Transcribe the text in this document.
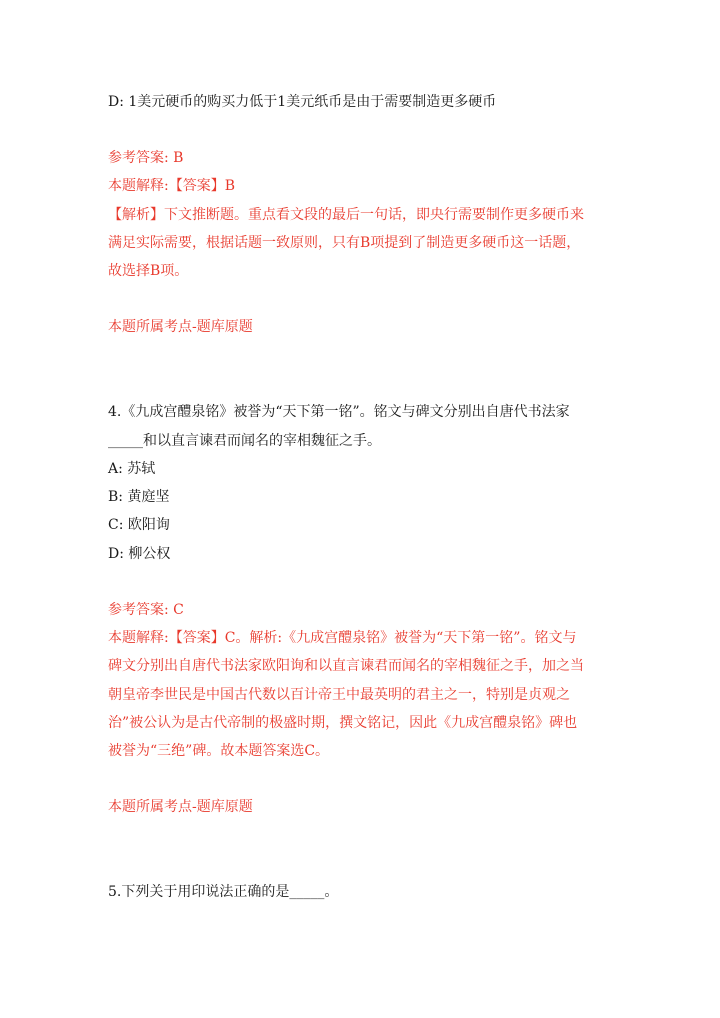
D: 1美元硬币的购买力低于1美元纸币是由于需要制造更多硬币
参考答案: B
本题解释:【答案】B
【解析】下文推断题。重点看文段的最后一句话，即央行需要制作更多硬币来
满足实际需要，根据话题一致原则，只有B项提到了制造更多硬币这一话题，
故选择B项。
本题所属考点-题库原题
4.《九成宫醴泉铭》被誉为“天下第一铭”。铭文与碑文分别出自唐代书法家
_____和以直言谏君而闻名的宰相魏征之手。
A: 苏轼
B: 黄庭坚
C: 欧阳询
D: 柳公权
参考答案: C
本题解释:【答案】C。解析:《九成宫醴泉铭》被誉为“天下第一铭”。铭文与
碑文分别出自唐代书法家欧阳询和以直言谏君而闻名的宰相魏征之手，加之当
朝皇帝李世民是中国古代数以百计帝王中最英明的君主之一，特别是贞观之
治”被公认为是古代帝制的极盛时期，撰文铭记，因此《九成宫醴泉铭》碑也
被誉为“三绝”碑。故本题答案选C。
本题所属考点-题库原题
5.下列关于用印说法正确的是_____。
